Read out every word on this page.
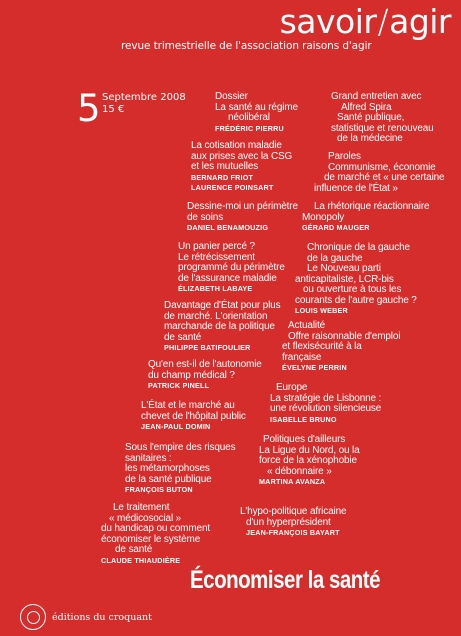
savoir/agir
revue trimestrielle de l'association raisons d'agir
5 Septembre 2008
15 €
Dossier
La santé au régime
néolibéral
FRÉDÉRIC PIERRU
La cotisation maladie
aux prises avec la CSG
et les mutuelles
BERNARD FRIOT
LAURENCE POINSART
Dessine-moi un périmètre
de soins
DANIEL BENAMOUZIG
Un panier percé ?
Le rétrécissement
programmé du périmètre
de l'assurance maladie
ÉLIZABETH LABAYE
Davantage d'État pour plus
de marché. L'orientation
marchande de la politique
de santé
PHILIPPE BATIFOULIER
Qu'en est-il de l'autonomie
du champ médical ?
PATRICK PINELL
L'État et le marché au
chevet de l'hôpital public
JEAN-PAUL DOMIN
Sous l'empire des risques
sanitaires :
les métamorphoses
de la santé publique
FRANÇOIS BUTON
Le traitement
« médicosocial »
du handicap ou comment
économiser le système
de santé
CLAUDE THIAUDIÈRE
Grand entretien avec
Alfred Spira
Santé publique,
statistique et renouveau
de la médecine
Paroles
Communisme, économie
de marché et « une certaine
influence de l'État »
La rhétorique réactionnaire
Monopoly
GÉRARD MAUGER
Chronique de la gauche
de la gauche
Le Nouveau parti
anticapitaliste, LCR-bis
ou ouverture à tous les
courants de l'autre gauche ?
LOUIS WEBER
Actualité
Offre raisonnable d'emploi
et flexisécurité à la
française
ÉVELYNE PERRIN
Europe
La stratégie de Lisbonne :
une révolution silencieuse
ISABELLE BRUNO
Politiques d'ailleurs
La Ligue du Nord, ou la
force de la xénophobie
« débonnaire »
MARTINA AVANZA
L'hypo-politique africaine
d'un hyperprésident
JEAN-FRANÇOIS BAYART
Économiser la santé
éditions du croquant
